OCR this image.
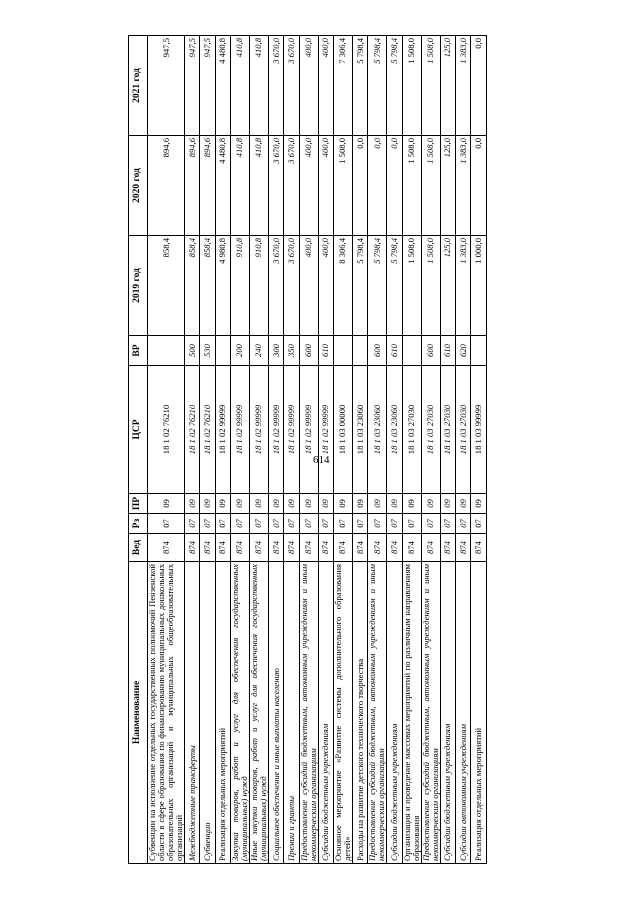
614
Наименование	Вед	Рз	ПР	ЦСР	ВР	2019 год	2020 год	2021 год
Субвенции на исполнение отдельных государственных полномочий Пензенской области в сфере образования по финансированию муниципальных дошкольных образовательных организаций и муниципальных общеобразовательных организаций	874	07	09	18 1 02 76210		858,4	894,6	947,5
Межбюджетные трансферты	874	07	09	18 1 02 76210	500	858,4	894,6	947,5
Субвенции	874	07	09	18 1 02 76210	530	858,4	894,6	947,5
Реализация отдельных мероприятий	874	07	09	18 1 02 99999		4 980,8	4 480,8	4 480,8
Закупка товаров, работ и услуг для обеспечения государственных (муниципальных) нужд	874	07	09	18 1 02 99999	200	910,8	410,8	410,8
Иные закупки товаров, работ и услуг для обеспечения государственных (муниципальных) нужд	874	07	09	18 1 02 99999	240	910,8	410,8	410,8
Социальное обеспечение и иные выплаты населению	874	07	09	18 1 02 99999	300	3 670,0	3 670,0	3 670,0
Премии и гранты	874	07	09	18 1 02 99999	350	3 670,0	3 670,0	3 670,0
Предоставление субсидий бюджетным, автономным учреждениям и иным некоммерческим организациям	874	07	09	18 1 02 99999	600	400,0	400,0	400,0
Субсидии бюджетным учреждениям	874	07	09	18 1 02 99999	610	400,0	400,0	400,0
Основное мероприятие «Развитие системы дополнительного образования детей»	874	07	09	18 1 03 00000		8 306,4	1 508,0	7 306,4
Расходы на развитие детского технического творчества	874	07	09	18 1 03 23060		5 798,4	0,0	5 798,4
Предоставление субсидий бюджетным, автономным учреждениям и иным некоммерческим организациям	874	07	09	18 1 03 23060	600	5 798,4	0,0	5 798,4
Субсидии бюджетным учреждениям	874	07	09	18 1 03 23060	610	5 798,4	0,0	5 798,4
Организация и проведение массовых мероприятий по различным направлениям образования	874	07	09	18 1 03 27030		1 508,0	1 508,0	1 508,0
Предоставление субсидий бюджетным, автономным учреждениям и иным некоммерческим организациям	874	07	09	18 1 03 27030	600	1 508,0	1 508,0	1 508,0
Субсидии бюджетным учреждениям	874	07	09	18 1 03 27030	610	125,0	125,0	125,0
Субсидии автономным учреждениям	874	07	09	18 1 03 27030	620	1 383,0	1 383,0	1 383,0
Реализация отдельных мероприятий	874	07	09	18 1 03 99999		1 000,0	0,0	0,0
